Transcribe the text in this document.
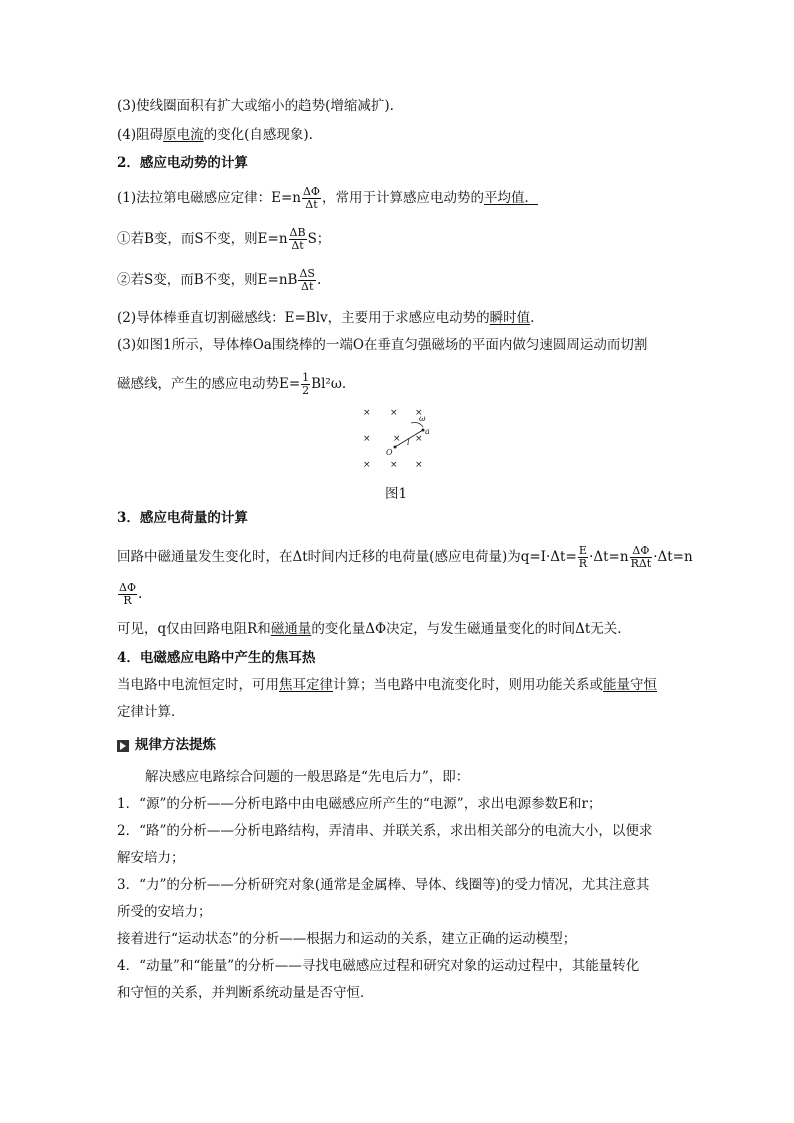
(3)使线圈面积有扩大或缩小的趋势(增缩减扩).
(4)阻碍原电流的变化(自感现象).
2．感应电动势的计算
(1)法拉第电磁感应定律：$E=n \frac{\Delta\Phi}{\Delta t}$ ，常用于计算感应电动势的平均值．
①若B变，而S不变，则$E=n \frac{\Delta B}{\Delta t}$ S；
②若S变，而B不变，则$E=nB \frac{\Delta S}{\Delta t}$ .
(2)导体棒垂直切割磁感线：E=Blv，主要用于求感应电动势的瞬时值.
(3)如图1所示，导体棒Oa围绕棒的一端O在垂直匀强磁场的平面内做匀速圆周运动而切割
磁感线，产生的感应电动势$E= \frac{1}{2} Bl^2\omega$.
× × ×
× × ×
× × ×
O
a
l
ω
图1
3．感应电荷量的计算
回路中磁通量发生变化时，在Δt时间内迁移的电荷量(感应电荷量)为$q=I\cdot\Delta t= \frac{E}{R} \cdot\Delta t=n \frac{\Delta\Phi}{\text{RΔt}} \cdot\Delta t=n$
$\frac{\Delta\Phi}{R}$ .
可见，q仅由回路电阻R和磁通量的变化量ΔΦ决定，与发生磁通量变化的时间Δt无关．
4．电磁感应电路中产生的焦耳热
当电路中电流恒定时，可用焦耳定律计算；当电路中电流变化时，则用功能关系或能量守恒
定律计算．
规律方法提炼
解决感应电路综合问题的一般思路是“先电后力”，即：
1．“源”的分析——分析电路中由电磁感应所产生的“电源”，求出电源参数E和r；
2．“路”的分析——分析电路结构，弄清串、并联关系，求出相关部分的电流大小，以便求
解安培力；
3．“力”的分析——分析研究对象(通常是金属棒、导体、线圈等)的受力情况，尤其注意其
所受的安培力；
接着进行“运动状态”的分析——根据力和运动的关系，建立正确的运动模型；
4．“动量”和“能量”的分析——寻找电磁感应过程和研究对象的运动过程中，其能量转化
和守恒的关系，并判断系统动量是否守恒．
